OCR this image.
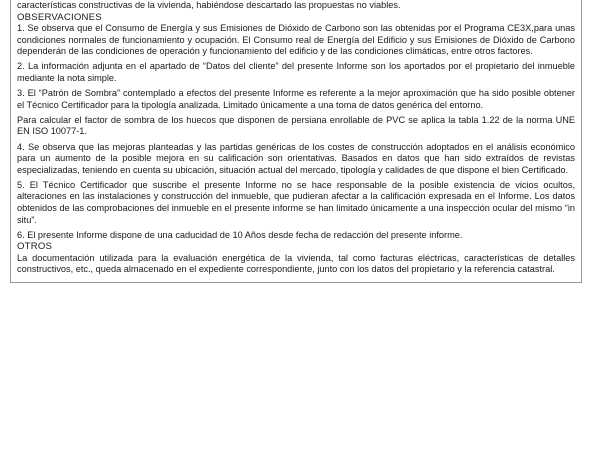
características constructivas de la vivienda, habiéndose descartado las propuestas no viables.

OBSERVACIONES

1. Se observa que el Consumo de Energía y sus Emisiones de Dióxido de Carbono son las obtenidas por el Programa CE3X,para unas condiciones normales de funcionamiento y ocupación. El Consumo real de Energía del Edificio y sus Emisiones de Dióxido de Carbono dependerán de las condiciones de operación y funcionamiento del edificio y de las condiciones climáticas, entre otros factores.

2. La información adjunta en el apartado de “Datos del cliente” del presente Informe son los aportados por el propietario del inmueble mediante la nota simple.

3. El “Patrón de Sombra” contemplado a efectos del presente Informe es referente a la mejor aproximación que ha sido posible obtener el Técnico Certificador para la tipología analizada. Limitado únicamente a una toma de datos genérica del entorno.

Para calcular el factor de sombra de los huecos que disponen de persiana enrollable de PVC se aplica la tabla 1.22 de la norma UNE EN ISO 10077-1.

4. Se observa que las mejoras planteadas y las partidas genéricas de los costes de construcción adoptados en el análisis económico para un aumento de la posible mejora en su calificación son orientativas. Basados en datos que han sido extraídos de revistas especializadas, teniendo en cuenta su ubicación, situación actual del mercado, tipología y calidades de que dispone el bien Certificado.

5. El Técnico Certificador que suscribe el presente Informe no se hace responsable de la posible existencia de vicios ocultos, alteraciones en las instalaciones y construcción del inmueble, que pudieran afectar a la calificación expresada en el Informe. Los datos obtenidos de las comprobaciones del inmueble en el presente informe se han limitado únicamente a una inspección ocular del mismo “in situ”.

6. El presente Informe dispone de una caducidad de 10 Años desde fecha de redacción del presente informe.

OTROS

La documentación utilizada para la evaluación energética de la vivienda, tal como facturas eléctricas, características de detalles constructivos, etc., queda almacenado en el expediente correspondiente, junto con los datos del propietario y la referencia catastral.
